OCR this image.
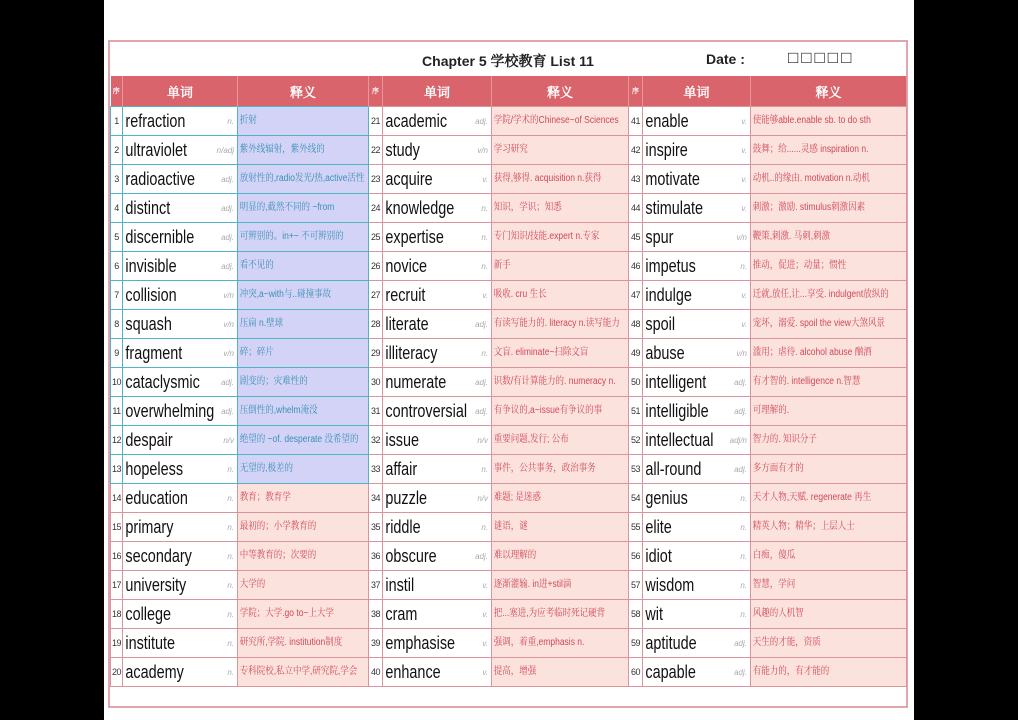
Chapter 5 学校教育 List 11	Date :	□□□□□
序	单词	释义	序	单词	释义	序	单词	释义
1	refraction n.	折射	21	academic adj.	学院/学术的Chinese~of Sciences	41	enable v.	使能够able.enable sb. to do sth

2	ultraviolet n/adj	紫外线辐射，紫外线的	22	study v/n	学习研究	42	inspire v.	鼓舞；给......灵感 inspiration n.

3	radioactive adj.	放射性的,radio发光/热,active活性	23	acquire v.	获得,够得. acquisition n.获得	43	motivate v.	动机..的缘由. motivation n.动机

4	distinct adj.	明显的,截然不同的 ~from	24	knowledge n.	知识，学识；知悉	44	stimulate v.	刺激；激励. stimulus刺激因素

5	discernible adj.	可辨别的。in+~ 不可辨别的	25	expertise n.	专门知识/技能.expert n.专家	45	spur v/n	鞭策,刺激. 马刺,刺激

6	invisible adj.	看不见的	26	novice n.	新手	46	impetus n.	推动，促进；动量；惯性

7	collision v/n	冲突,a~with与..碰撞事故	27	recruit v.	吸收. cru 生长	47	indulge v.	迁就,放任,让...享受. indulgent放纵的

8	squash v/n	压扁 n.壁球	28	literate adj.	有读写能力的. literacy n.读写能力	48	spoil v.	宠坏，溺爱. spoil the view大煞风景

9	fragment v/n	碎；碎片	29	illiteracy n.	文盲. eliminate~扫除文盲	49	abuse v/n	滥用；虐待. alcohol abuse 酗酒

10	cataclysmic adj.	剧变的；灾难性的	30	numerate adj.	识数/有计算能力的. numeracy n.	50	intelligent adj.	有才智的. intelligence n.智慧

11	overwhelming adj.	压倒性的,whelm淹没	31	controversial adj.	有争议的,a~issue有争议的事	51	intelligible adj.	可理解的.

12	despair n/v	绝望的 ~of. desperate 没希望的	32	issue n/v	重要问题,发行; 公布	52	intellectual adj/n	智力的. 知识分子

13	hopeless n.	无望的,极差的	33	affair n.	事件，公共事务，政治事务	53	all-round adj.	多方面有才的

14	education n.	教育；教育学	34	puzzle n/v	难题; 是迷惑	54	genius n.	天才人物,天赋. regenerate 再生

15	primary n.	最初的；小学教育的	35	riddle n.	谜语，谜	55	elite n.	精英人物；精华；上层人士

16	secondary n.	中等教育的；次要的	36	obscure adj.	难以理解的	56	idiot n.	白痴，傻瓜

17	university n.	大学的	37	instil v.	逐渐灌输. in进+stil滴	57	wisdom n.	智慧，学问

18	college n.	学院；大学.go to~上大学	38	cram v.	把...塞进,为应考临时死记硬背	58	wit n.	风趣的人机智

19	institute n.	研究所,学院. institution制度	39	emphasise v.	强调，着重,emphasis n.	59	aptitude adj.	天生的才能，资质

20	academy n.	专科院校,私立中学,研究院,学会	40	enhance v.	提高，增强	60	capable adj.	有能力的，有才能的
